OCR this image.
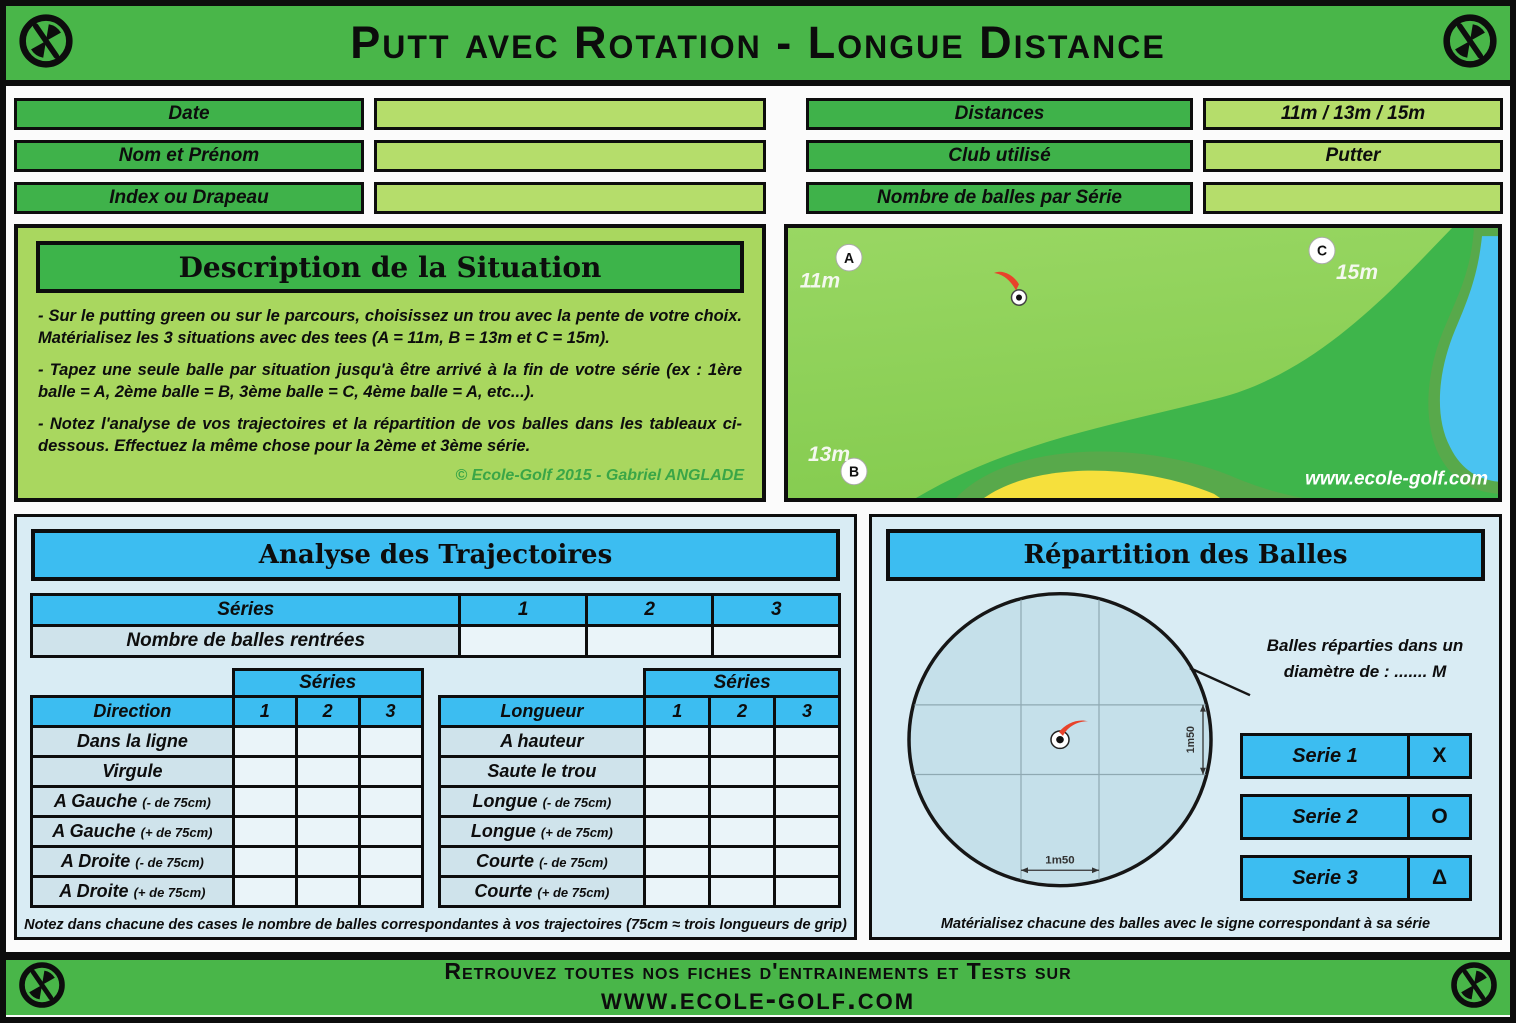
Putt avec Rotation - Longue Distance
Date	Distances	11m / 13m / 15m
Nom et Prénom	Club utilisé	Putter
Index ou Drapeau	Nombre de balles par Série
Description de la Situation

- Sur le putting green ou sur le parcours, choisissez un trou avec la pente de votre choix. Matérialisez les 3 situations avec des tees (A = 11m, B = 13m et C = 15m).

- Tapez une seule balle par situation jusqu'à être arrivé à la fin de votre série (ex : 1ère balle = A, 2ème balle = B, 3ème balle = C, 4ème balle = A, etc...).

- Notez l'analyse de vos trajectoires et la répartition de vos balles dans les tableaux ci-dessous. Effectuez la même chose pour la 2ème et 3ème série.

© Ecole-Golf 2015 - Gabriel ANGLADE
A
11m
B
13m
C
15m
www.ecole-golf.com
Analyse des Trajectoires
Séries	1	2	3
Nombre de balles rentrées			
	Séries		
Direction	1	2	3
Dans la ligne			
Virgule			
A Gauche (- de 75cm)			
A Gauche (+ de 75cm)			
A Droite (- de 75cm)			
A Droite (+ de 75cm)			
	Séries		
Longueur	1	2	3
A hauteur			
Saute le trou			
Longue (- de 75cm)			
Longue (+ de 75cm)			
Courte (- de 75cm)			
Courte (+ de 75cm)			
Notez dans chacune des cases le nombre de balles correspondantes à vos trajectoires (75cm ≈ trois longueurs de grip)
Répartition des Balles
1m50
1m50
Balles réparties dans un
diamètre de : ....... M
Serie 1	X
Serie 2	O
Serie 3	Δ
Matérialisez chacune des balles avec le signe correspondant à sa série
Retrouvez toutes nos fiches d'entrainements et Tests sur
www.ecole-golf.com
